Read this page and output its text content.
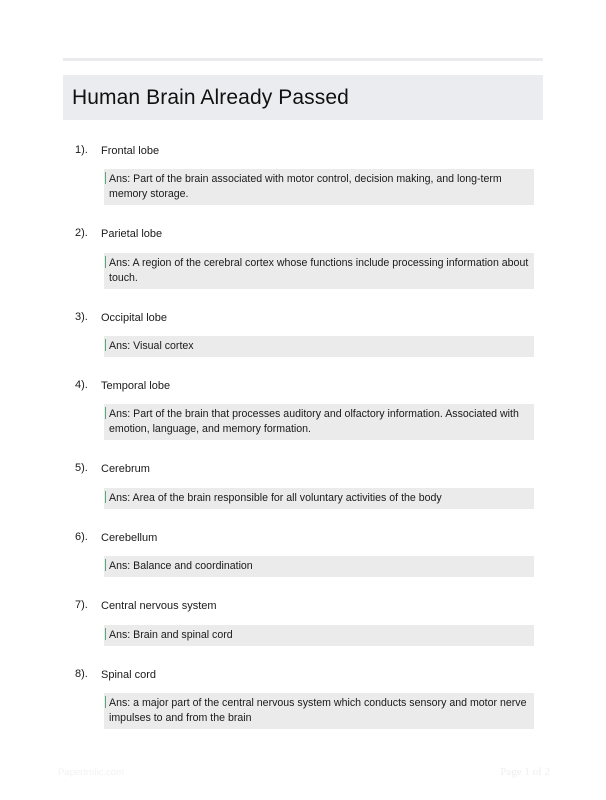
Human Brain Already Passed
1). Frontal lobe
Ans: Part of the brain associated with motor control, decision making, and long-term memory storage.
2). Parietal lobe
Ans: A region of the cerebral cortex whose functions include processing information about touch.
3). Occipital lobe
Ans: Visual cortex
4). Temporal lobe
Ans: Part of the brain that processes auditory and olfactory information. Associated with emotion, language, and memory formation.
5). Cerebrum
Ans: Area of the brain responsible for all voluntary activities of the body
6). Cerebellum
Ans: Balance and coordination
7). Central nervous system
Ans: Brain and spinal cord
8). Spinal cord
Ans: a major part of the central nervous system which conducts sensory and motor nerve impulses to and from the brain
Papertrolic.com	Page 1 of 2
